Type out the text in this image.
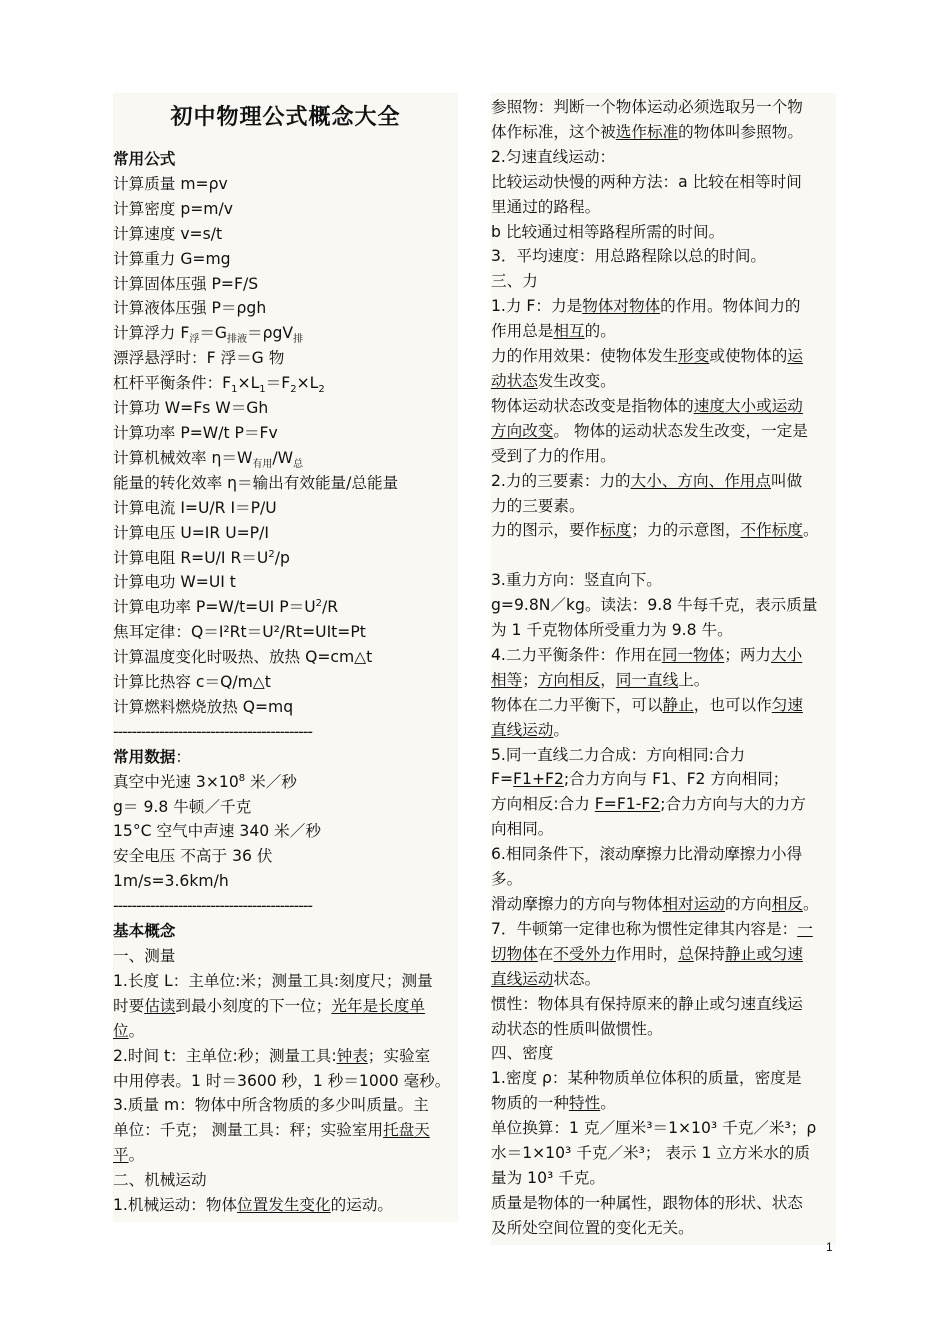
初中物理公式概念大全
常用公式
计算质量 m=ρv
计算密度 p=m/v
计算速度 v=s/t
计算重力 G=mg
计算固体压强 P=F/S
计算液体压强 P＝ρgh
计算浮力 $F_浮=G_{排液}=\rho gV_排$
漂浮悬浮时：F 浮＝G 物
杠杆平衡条件：$F_1\times L_1=F_2\times L_2$
计算功 W=Fs W＝Gh
计算功率 P=W/t P＝Fv
计算机械效率 $\eta=W_{有用}/W_总$
能量的转化效率 η＝输出有效能量/总能量
计算电流 I=U/R I＝P/U
计算电压 U=IR U=P/I
计算电阻 R=U/I $R=U^2/p$
计算电功 W=UI t
计算电功率 P=W/t=UI $P=U^2/R$
焦耳定律：Q＝I²Rt＝U²/Rt=UIt=Pt
计算温度变化时吸热、放热 Q=cm△t
计算比热容 c＝Q/m△t
计算燃料燃烧放热 Q=mq
-------------------------------------------
常用数据：
真空中光速 $3\times 10^8$ 米／秒
g＝ 9.8 牛顿／千克
15°C 空气中声速 340 米／秒
安全电压 不高于 36 伏
1m/s=3.6km/h
-------------------------------------------
基本概念
一、测量
1.长度 L：主单位:米；测量工具:刻度尺；测量
时要估读到最小刻度的下一位；光年是长度单
位。
2.时间 t：主单位:秒；测量工具:钟表；实验室
中用停表。1 时＝3600 秒，1 秒＝1000 毫秒。
3.质量 m：物体中所含物质的多少叫质量。主
单位：千克； 测量工具：秤；实验室用托盘天
平。
二、机械运动
1.机械运动：物体位置发生变化的运动。
参照物：判断一个物体运动必须选取另一个物
体作标准，这个被选作标准的物体叫参照物。
2.匀速直线运动：
比较运动快慢的两种方法：a 比较在相等时间
里通过的路程。
b 比较通过相等路程所需的时间。
3．平均速度：用总路程除以总的时间。
三、力
1.力 F：力是物体对物体的作用。物体间力的
作用总是相互的。
力的作用效果：使物体发生形变或使物体的运
动状态发生改变。
物体运动状态改变是指物体的速度大小或运动
方向改变。 物体的运动状态发生改变，一定是
受到了力的作用。
2.力的三要素：力的大小、方向、作用点叫做
力的三要素。
力的图示，要作标度；力的示意图，不作标度。
3.重力方向：竖直向下。
g=9.8N／kg。读法：9.8 牛每千克，表示质量
为 1 千克物体所受重力为 9.8 牛。
4.二力平衡条件：作用在同一物体；两力大小
相等；方向相反，同一直线上。
物体在二力平衡下，可以静止，也可以作匀速
直线运动。
5.同一直线二力合成：方向相同:合力
F=F1+F2;合力方向与 F1、F2 方向相同；
方向相反:合力 F=F1-F2;合力方向与大的力方
向相同。
6.相同条件下，滚动摩擦力比滑动摩擦力小得
多。
滑动摩擦力的方向与物体相对运动的方向相反。
7．牛顿第一定律也称为惯性定律其内容是：一
切物体在不受外力作用时，总保持静止或匀速
直线运动状态。
惯性：物体具有保持原来的静止或匀速直线运
动状态的性质叫做惯性。
四、密度
1.密度 ρ：某种物质单位体积的质量，密度是
物质的一种特性。
单位换算：1 克／厘米³＝1×10³ 千克／米³；ρ
水＝1×10³ 千克／米³； 表示 1 立方米水的质
量为 10³ 千克。
质量是物体的一种属性，跟物体的形状、状态
及所处空间位置的变化无关。
1
